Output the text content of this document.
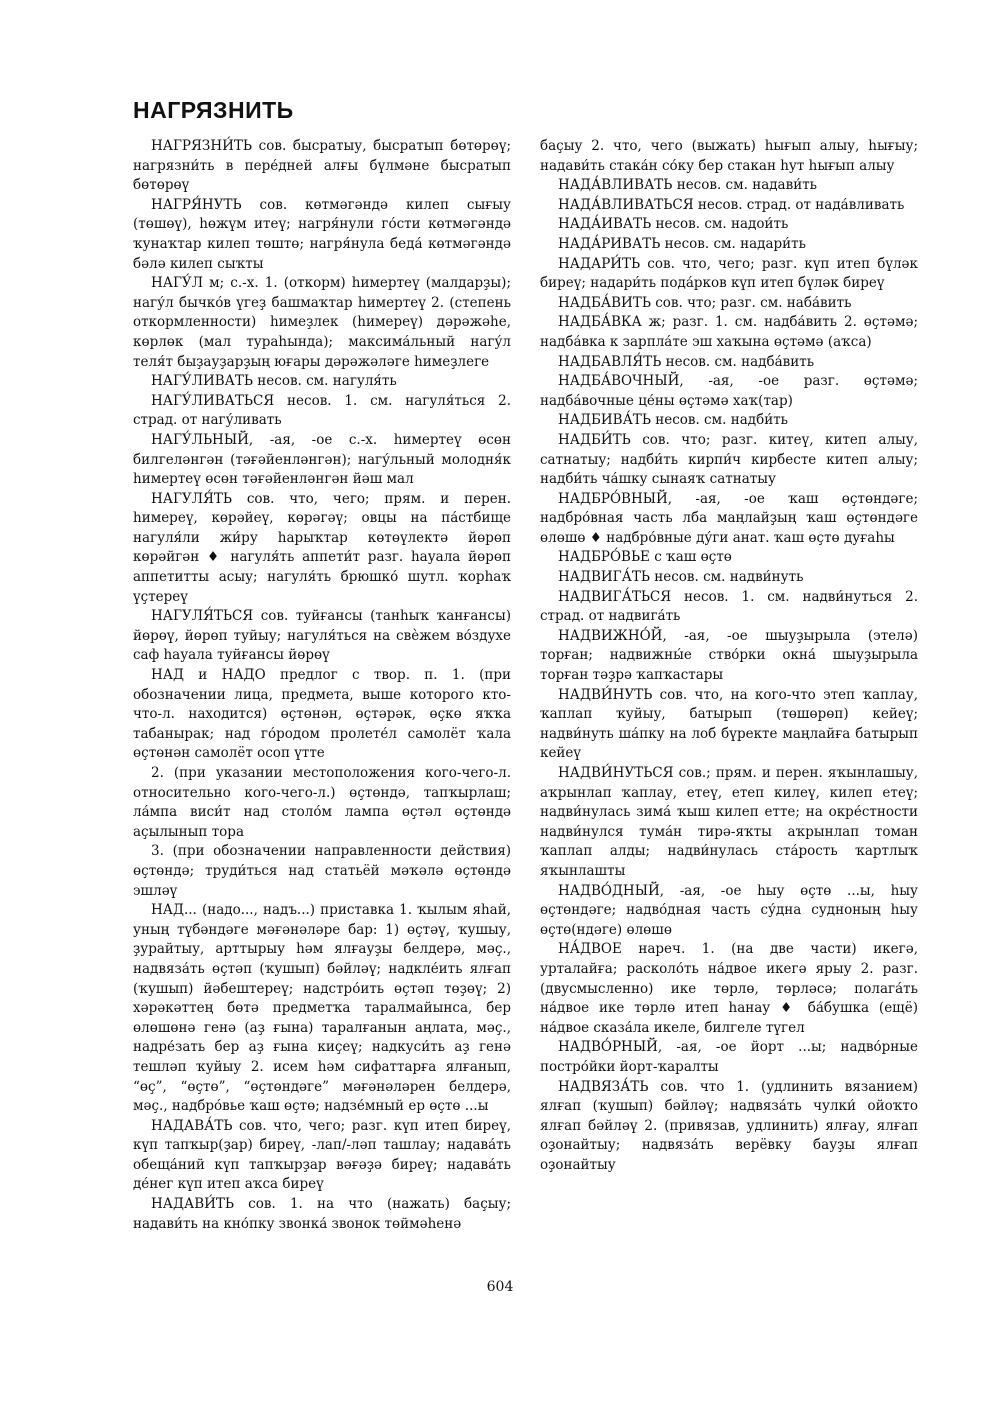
НАГРЯЗНИТЬ

НАГРЯЗНИ́ТЬ сов. бысратыу, бысратып бөтөрөү; нагрязни́ть в пере́дней алғы бүлмәне бысратып бөтөрөү

НАГРЯ́НУТЬ сов. көтмәгәндә килеп сығыу (төшөү), һөжүм итеү; нагря́нули го́сти көтмәгәндә ҡунаҡтар килеп төштө; нагря́нула беда́ көтмәгәндә бәлә килеп сыҡты

НАГУ́Л м; с.-х. 1. (откорм) һимертеү (малдарҙы); нагу́л бычко́в үгеҙ башмаҡтар һимертеү 2. (степень откормленности) һимеҙлек (һимереү) дәрәжәһе, көрлөк (мал тураһында); максима́льный нагу́л теля́т быҙауҙарҙың юғары дәрәжәләге һимеҙлеге

НАГУ́ЛИВАТЬ несов. см. нагуля́ть

НАГУ́ЛИВАТЬСЯ несов. 1. см. нагуля́ться 2. страд. от нагу́ливать

НАГУ́ЛЬНЫЙ, -ая, -ое с.-х. һимертеү өсөн билгеләнгән (тәғәйенләнгән); нагу́льный молодня́к һимертеү өсөн тәғәйенләнгән йәш мал

НАГУЛЯ́ТЬ сов. что, чего; прям. и перен. һимереү, көрәйеү, көрәгәү; овцы на па́стбище нагуля́ли жи́ру һарыҡтар көтөүлектә йөрөп көрәйгән ♦ нагуля́ть аппети́т разг. һауала йөрөп аппетитты асыу; нагуля́ть брюшко́ шутл. ҡорһаҡ үҫтереү

НАГУЛЯ́ТЬСЯ сов. туйғансы (танһыҡ ҡанғансы) йөрөү, йөрөп туйыу; нагуля́ться на свѐжем во́здухе саф һауала туйғансы йөрөү

НАД и НАДО предлог с твор. п. 1. (при обозначении лица, предмета, выше которого кто-что-л. находится) өҫтөнән, өҫтәрәк, өҫкө яҡҡа табанырак; над го́родом пролете́л самолёт ҡала өҫтөнән самолёт осоп үтте

2. (при указании местоположения кого-чего-л. относительно кого-чего-л.) өҫтөндә, тапҡырлаш; ла́мпа виси́т над столо́м лампа өҫтәл өҫтөндә аҫылынып тора

3. (при обозначении направленности действия) өҫтөндә; труди́ться над статьёй мәҡәлә өҫтөндә эшләү

НАД... (надо..., надъ...) приставка 1. ҡылым яһай, уның түбәндәге мәғәнәләре бар: 1) өҫтәү, ҡушыу, ҙурайтыу, арттырыу һәм ялғауҙы белдерә, мәҫ., надвяза́ть өҫтәп (ҡушып) бәйләү; надкле́ить ялғап (ҡушып) йәбештереү; надстро́ить өҫтәп төҙөү; 2) хәрәкәттең бөтә предметҡа таралмайынса, бер өлөшөнә генә (аҙ ғына) таралғанын аңлата, мәҫ., надре́зать бер аҙ ғына киҫеү; надкуси́ть аҙ генә тешләп ҡуйыу 2. исем һәм сифаттарға ялғанып, “өҫ”, “өҫтө”, “өҫтөндәге” мәғәнәләрен белдерә, мәҫ., надбро́вье ҡаш өҫтө; надзе́мный ер өҫтө ...ы

НАДАВА́ТЬ сов. что, чего; разг. күп итеп биреү, күп тапҡыр(ҙар) биреү, -лап/-ләп ташлау; надава́ть обеща́ний күп тапҡырҙар вәғәҙә биреү; надава́ть де́нег күп итеп аҡса биреү

НАДАВИ́ТЬ сов. 1. на что (нажать) баҫыу; надави́ть на кно́пку звонка́ звонок төймәһенә

баҫыу 2. что, чего (выжать) һығып алыу, һығыу; надави́ть стака́н со́ку бер стакан һут һығып алыу

НАДА́ВЛИВАТЬ несов. см. надави́ть

НАДА́ВЛИВАТЬСЯ несов. страд. от нада́вливать

НАДА́ИВАТЬ несов. см. надои́ть

НАДА́РИВАТЬ несов. см. надари́ть

НАДАРИ́ТЬ сов. что, чего; разг. күп итеп бүләк биреү; надари́ть пода́рков күп итеп бүләк биреү

НАДБА́ВИТЬ сов. что; разг. см. наба́вить

НАДБА́ВКА ж; разг. 1. см. надба́вить 2. өҫтәмә; надба́вка к зарпла́те эш хаҡына өҫтәмә (аҡса)

НАДБАВЛЯ́ТЬ несов. см. надба́вить

НАДБА́ВОЧНЫЙ, -ая, -ое разг. өҫтәмә; надба́вочные це́ны өҫтәмә хаҡ(тар)

НАДБИВА́ТЬ несов. см. надби́ть

НАДБИ́ТЬ сов. что; разг. китеү, китеп алыу, сатнатыу; надби́ть кирпи́ч кирбесте китеп алыу; надби́ть ча́шку сынаяҡ сатнатыу

НАДБРО́ВНЫЙ, -ая, -ое ҡаш өҫтөндәге; надбро́вная часть лба маңлайҙың ҡаш өҫтөндәге өлөшө ♦ надбро́вные ду́ги анат. ҡаш өҫтө дуғаһы

НАДБРО́ВЬЕ с ҡаш өҫтө

НАДВИГА́ТЬ несов. см. надви́нуть

НАДВИГА́ТЬСЯ несов. 1. см. надви́нуться 2. страд. от надвига́ть

НАДВИЖНО́Й, -ая, -ое шыуҙырыла (этелә) торған; надвижны́е ство́рки окна́ шыуҙырыла торған тәҙрә ҡапҡастары

НАДВИ́НУТЬ сов. что, на кого-что этеп ҡаплау, ҡаплап ҡуйыу, батырып (төшөрөп) кейеү; надви́нуть ша́пку на лоб бүректе маңлайға батырып кейеү

НАДВИ́НУТЬСЯ сов.; прям. и перен. яҡынлашыу, аҡрынлап ҡаплау, етеү, етеп килеү, килеп етеү; надви́нулась зима́ ҡыш килеп етте; на окре́стности надви́нулся тума́н тирә-яҡты аҡрынлап томан ҡаплап алды; надви́нулась ста́рость ҡартлыҡ яҡынлашты

НАДВО́ДНЫЙ, -ая, -ое һыу өҫтө ...ы, һыу өҫтөндәге; надво́дная часть су́дна судноның һыу өҫтө(ндәге) өлөшө

НА́ДВОЕ нареч. 1. (на две части) икегә, урталайға; расколо́ть на́двое икегә ярыу 2. разг. (двусмысленно) ике төрлө, төрләсә; полага́ть на́двое ике төрлө итеп һанау ♦ ба́бушка (ещё) на́двое сказа́ла икеле, билгеле түгел

НАДВО́РНЫЙ, -ая, -ое йорт ...ы; надво́рные постро́йки йорт-ҡаралты

НАДВЯЗА́ТЬ сов. что 1. (удлинить вязанием) ялғап (ҡушып) бәйләү; надвяза́ть чулки́ ойоҡто ялғап бәйләү 2. (привязав, удлинить) ялғау, ялғап оҙонайтыу; надвяза́ть верёвку бауҙы ялғап оҙонайтыу

604
